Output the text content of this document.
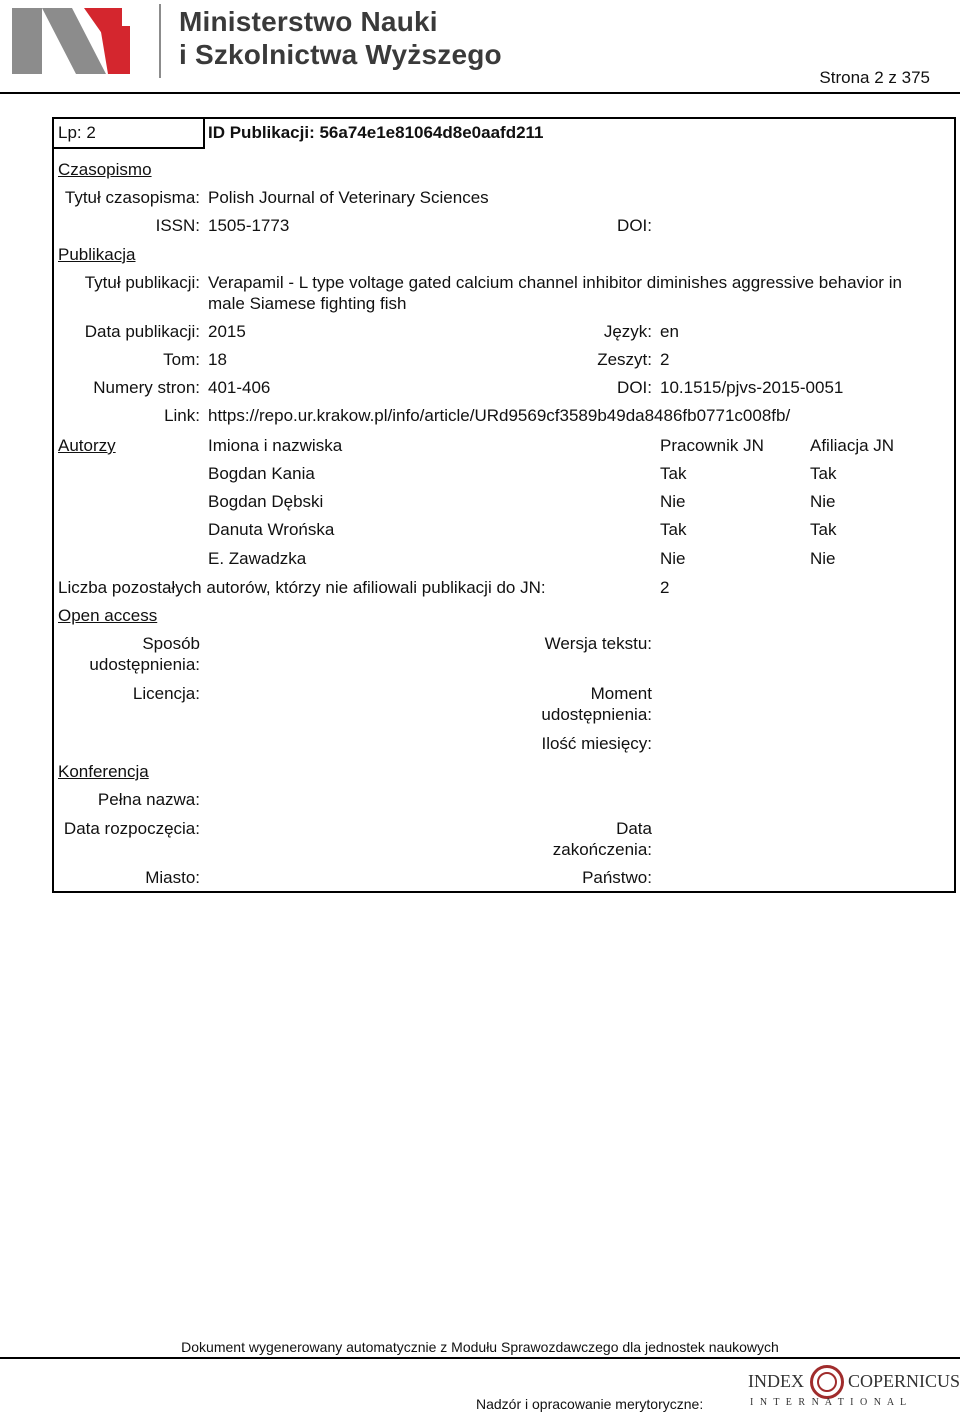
Ministerstwo Nauki
i Szkolnictwa Wyższego
Strona 2 z 375
Lp: 2	ID Publikacji: 56a74e1e81064d8e0aafd211
Czasopismo
Tytuł czasopisma: Polish Journal of Veterinary Sciences
ISSN: 1505-1773	DOI:
Publikacja
Tytuł publikacji: Verapamil - L type voltage gated calcium channel inhibitor diminishes aggressive behavior in
male Siamese fighting fish
Data publikacji: 2015	Język: en
Tom: 18	Zeszyt: 2
Numery stron: 401-406	DOI: 10.1515/pjvs-2015-0051
Link: https://repo.ur.krakow.pl/info/article/URd9569cf3589b49da8486fb0771c008fb/
Autorzy	Imiona i nazwiska	Pracownik JN	Afiliacja JN
Bogdan Kania	Tak	Tak
Bogdan Dębski	Nie	Nie
Danuta Wrońska	Tak	Tak
E. Zawadzka	Nie	Nie
Liczba pozostałych autorów, którzy nie afiliowali publikacji do JN:	2
Open access
Sposób
udostępnienia:
Wersja tekstu:
Licencja:	Moment
udostępnienia:
Ilość miesięcy:
Konferencja
Pełna nazwa:
Data rozpoczęcia:	Data
zakończenia:
Miasto:	Państwo:
Dokument wygenerowany automatycznie z Modułu Sprawozdawczego dla jednostek naukowych
Nadzór i opracowanie merytoryczne:
INDEX COPERNICUS
I N T E R N A T I O N A L
